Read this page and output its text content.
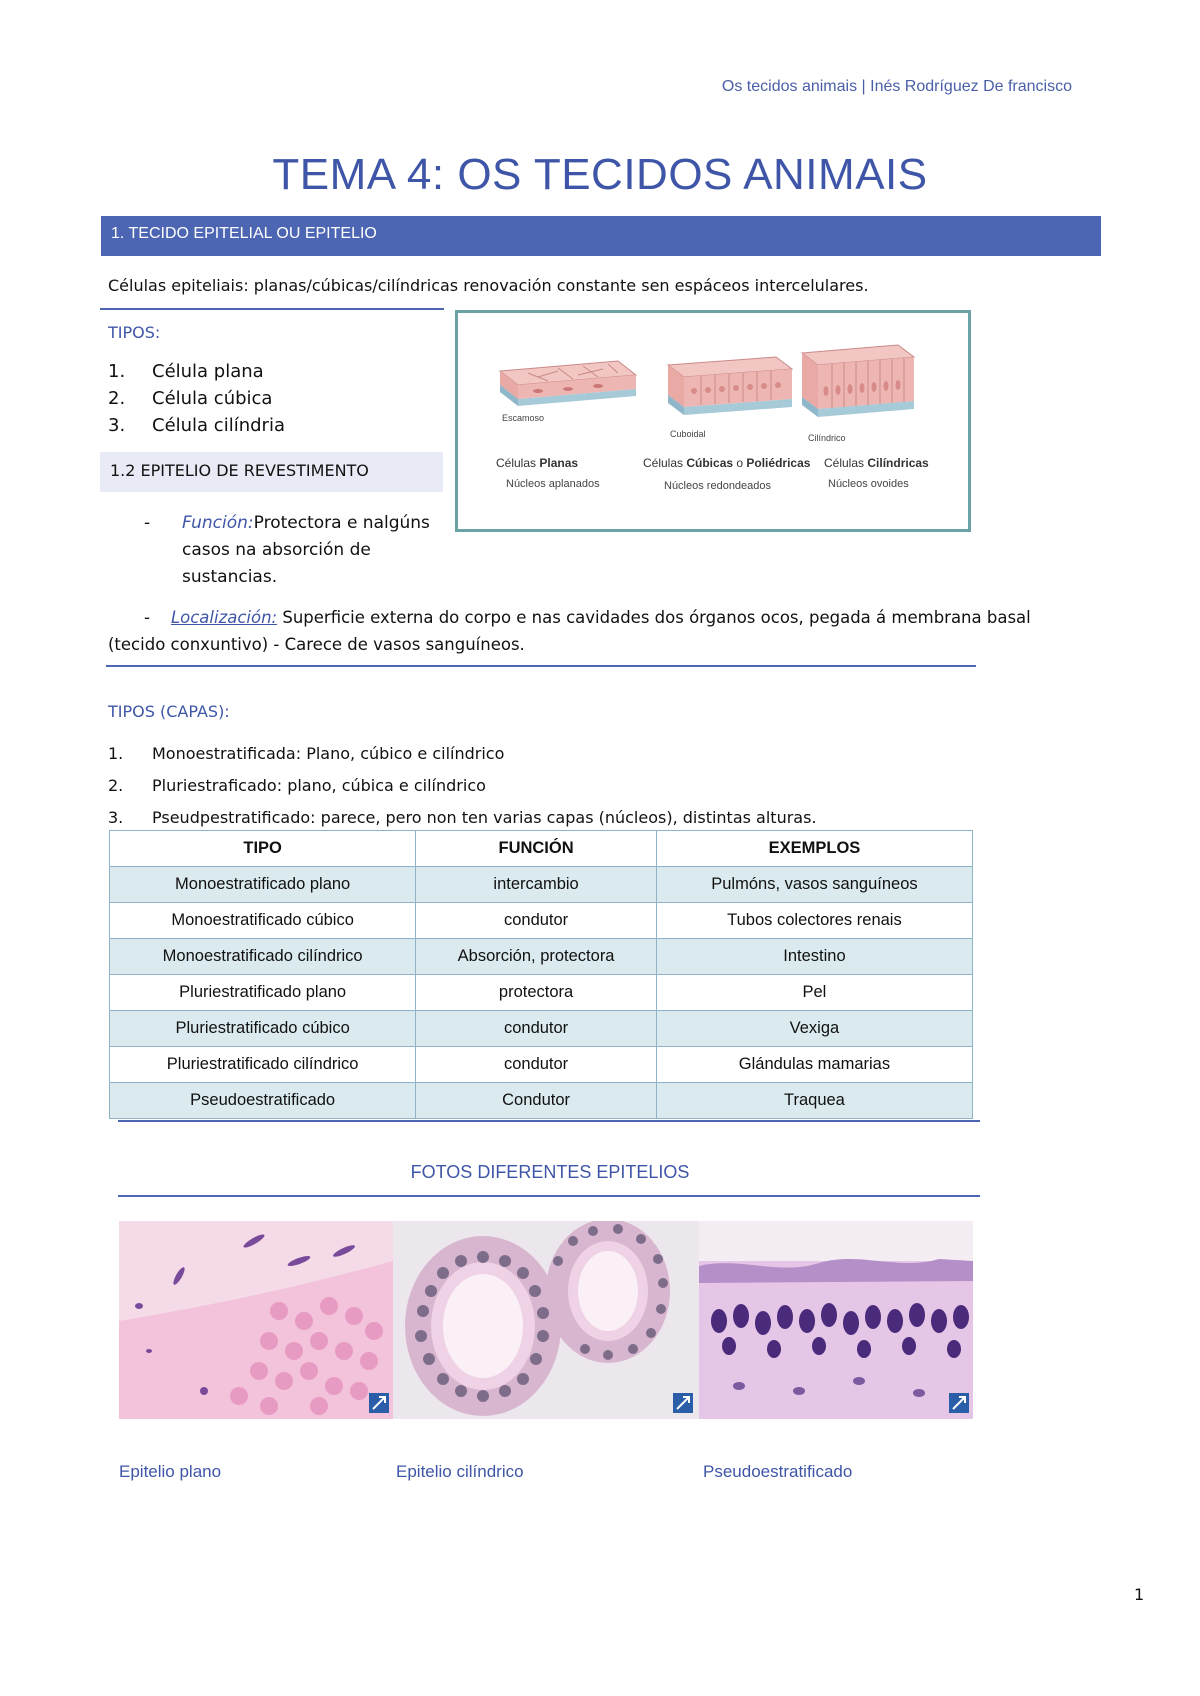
Os tecidos animais | Inés Rodríguez De francisco
TEMA 4: OS TECIDOS ANIMAIS
1. TECIDO EPITELIAL OU EPITELIO
Células epiteliais: planas/cúbicas/cilíndricas renovación constante sen espáceos intercelulares.
TIPOS:
1. Célula plana
2. Célula cúbica
3. Célula cilíndria
1.2 EPITELIO DE REVESTIMENTO
Escamoso
Cuboidal	Cilíndrico
Células Planas
Núcleos aplanados
Células Cúbicas o Poliédricas
Núcleos redondeados
Células Cilíndricas
Núcleos ovoides
-	Función:Protectora e nalgúns casos na absorción de sustancias.
-    Localización: Superficie externa do corpo e nas cavidades dos órganos ocos, pegada á membrana basal (tecido conxuntivo) - Carece de vasos sanguíneos.
TIPOS (CAPAS):
1. Monoestratificada: Plano, cúbico e cilíndrico
2. Pluriestraficado: plano, cúbica e cilíndrico
3. Pseudpestratificado: parece, pero non ten varias capas (núcleos), distintas alturas.
TIPO	FUNCIÓN	EXEMPLOS
Monoestratificado plano	intercambio	Pulmóns, vasos sanguíneos
Monoestratificado cúbico	condutor	Tubos colectores renais
Monoestratificado cilíndrico	Absorción, protectora	Intestino
Pluriestratificado plano	protectora	Pel
Pluriestratificado cúbico	condutor	Vexiga
Pluriestratificado cilíndrico	condutor	Glándulas mamarias
Pseudoestratificado	Condutor	Traquea
FOTOS DIFERENTES EPITELIOS
Epitelio plano	Epitelio cilíndrico	Pseudoestratificado
1
